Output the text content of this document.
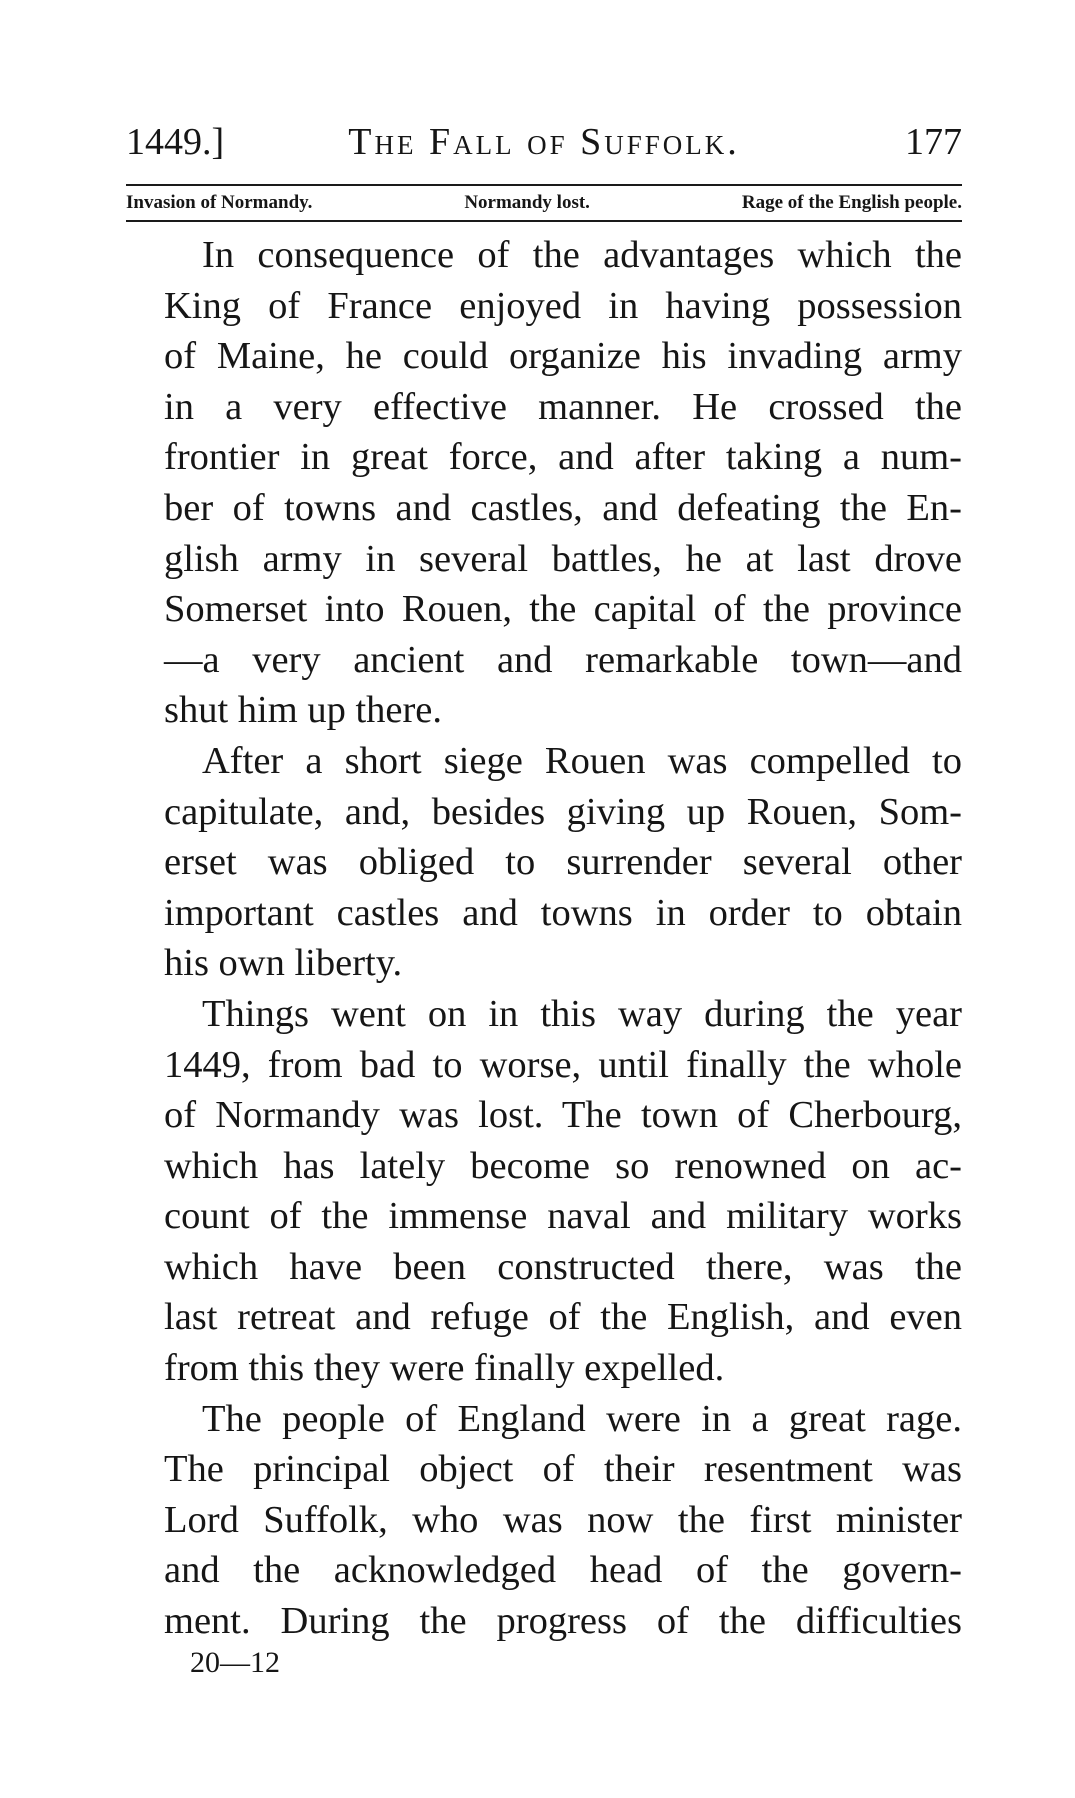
1449.]	The Fall of Suffolk.	177
Invasion of Normandy.	Normandy lost.	Rage of the English people.
In consequence of the advantages which the
King of France enjoyed in having possession
of Maine, he could organize his invading army
in a very effective manner. He crossed the
frontier in great force, and after taking a num-
ber of towns and castles, and defeating the En-
glish army in several battles, he at last drove
Somerset into Rouen, the capital of the province
—a very ancient and remarkable town—and
shut him up there.
After a short siege Rouen was compelled to
capitulate, and, besides giving up Rouen, Som-
erset was obliged to surrender several other
important castles and towns in order to obtain
his own liberty.
Things went on in this way during the year
1449, from bad to worse, until finally the whole
of Normandy was lost. The town of Cherbourg,
which has lately become so renowned on ac-
count of the immense naval and military works
which have been constructed there, was the
last retreat and refuge of the English, and even
from this they were finally expelled.
The people of England were in a great rage.
The principal object of their resentment was
Lord Suffolk, who was now the first minister
and the acknowledged head of the govern-
ment. During the progress of the difficulties
20—12
